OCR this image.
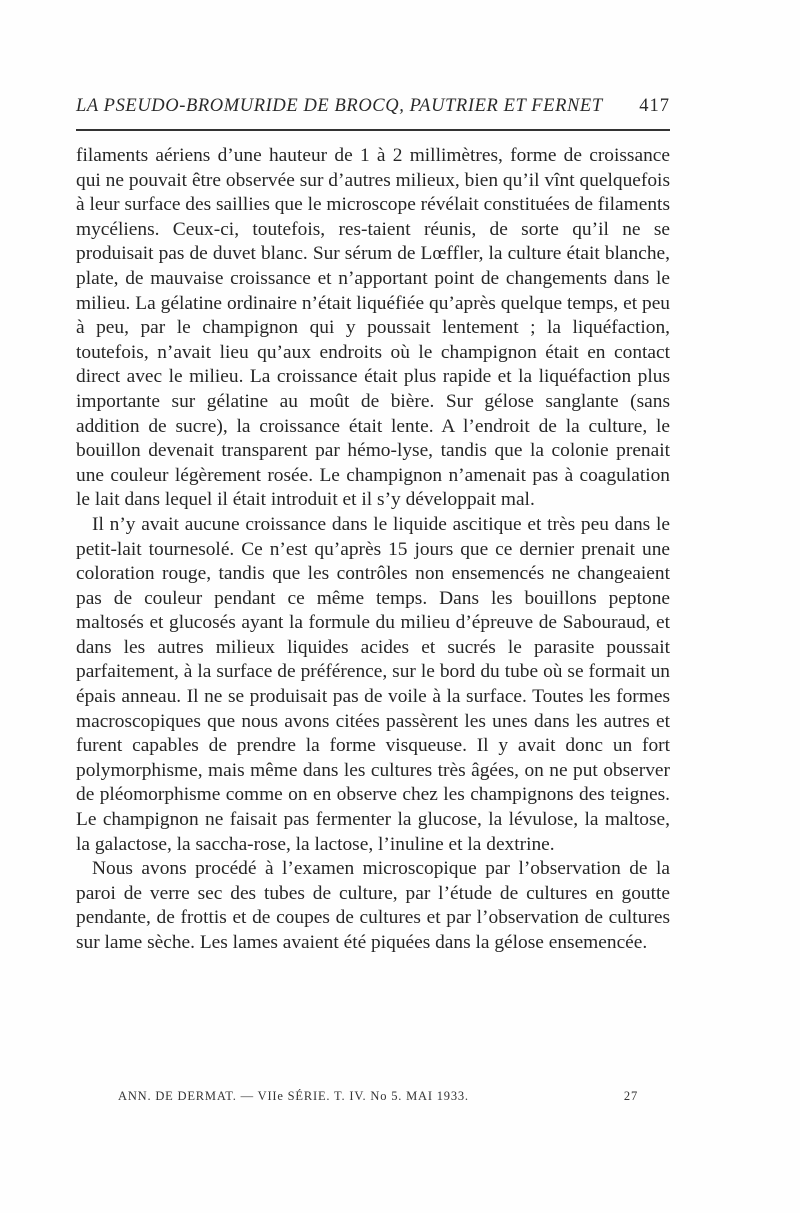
LA PSEUDO-BROMURIDE DE BROCQ, PAUTRIER ET FERNET 417

filaments aériens d’une hauteur de 1 à 2 millimètres, forme de croissance qui ne pouvait être observée sur d’autres milieux, bien qu’il vînt quelquefois à leur surface des saillies que le microscope révélait constituées de filaments mycéliens. Ceux-ci, toutefois, res-taient réunis, de sorte qu’il ne se produisait pas de duvet blanc. Sur sérum de Lœffler, la culture était blanche, plate, de mauvaise croissance et n’apportant point de changements dans le milieu. La gélatine ordinaire n’était liquéfiée qu’après quelque temps, et peu à peu, par le champignon qui y poussait lentement ; la liquéfaction, toutefois, n’avait lieu qu’aux endroits où le champignon était en contact direct avec le milieu. La croissance était plus rapide et la liquéfaction plus importante sur gélatine au moût de bière. Sur gélose sanglante (sans addition de sucre), la croissance était lente. A l’endroit de la culture, le bouillon devenait transparent par hémo-lyse, tandis que la colonie prenait une couleur légèrement rosée. Le champignon n’amenait pas à coagulation le lait dans lequel il était introduit et il s’y développait mal.

Il n’y avait aucune croissance dans le liquide ascitique et très peu dans le petit-lait tournesolé. Ce n’est qu’après 15 jours que ce dernier prenait une coloration rouge, tandis que les contrôles non ensemencés ne changeaient pas de couleur pendant ce même temps. Dans les bouillons peptone maltosés et glucosés ayant la formule du milieu d’épreuve de Sabouraud, et dans les autres milieux liquides acides et sucrés le parasite poussait parfaitement, à la surface de préférence, sur le bord du tube où se formait un épais anneau. Il ne se produisait pas de voile à la surface. Toutes les formes macroscopiques que nous avons citées passèrent les unes dans les autres et furent capables de prendre la forme visqueuse. Il y avait donc un fort polymorphisme, mais même dans les cultures très âgées, on ne put observer de pléomorphisme comme on en observe chez les champignons des teignes. Le champignon ne faisait pas fermenter la glucose, la lévulose, la maltose, la galactose, la saccha-rose, la lactose, l’inuline et la dextrine.

Nous avons procédé à l’examen microscopique par l’observation de la paroi de verre sec des tubes de culture, par l’étude de cultures en goutte pendante, de frottis et de coupes de cultures et par l’observation de cultures sur lame sèche. Les lames avaient été piquées dans la gélose ensemencée.

ANN. DE DERMAT. — VIIe SÉRIE. T. IV. No 5. MAI 1933.	27
